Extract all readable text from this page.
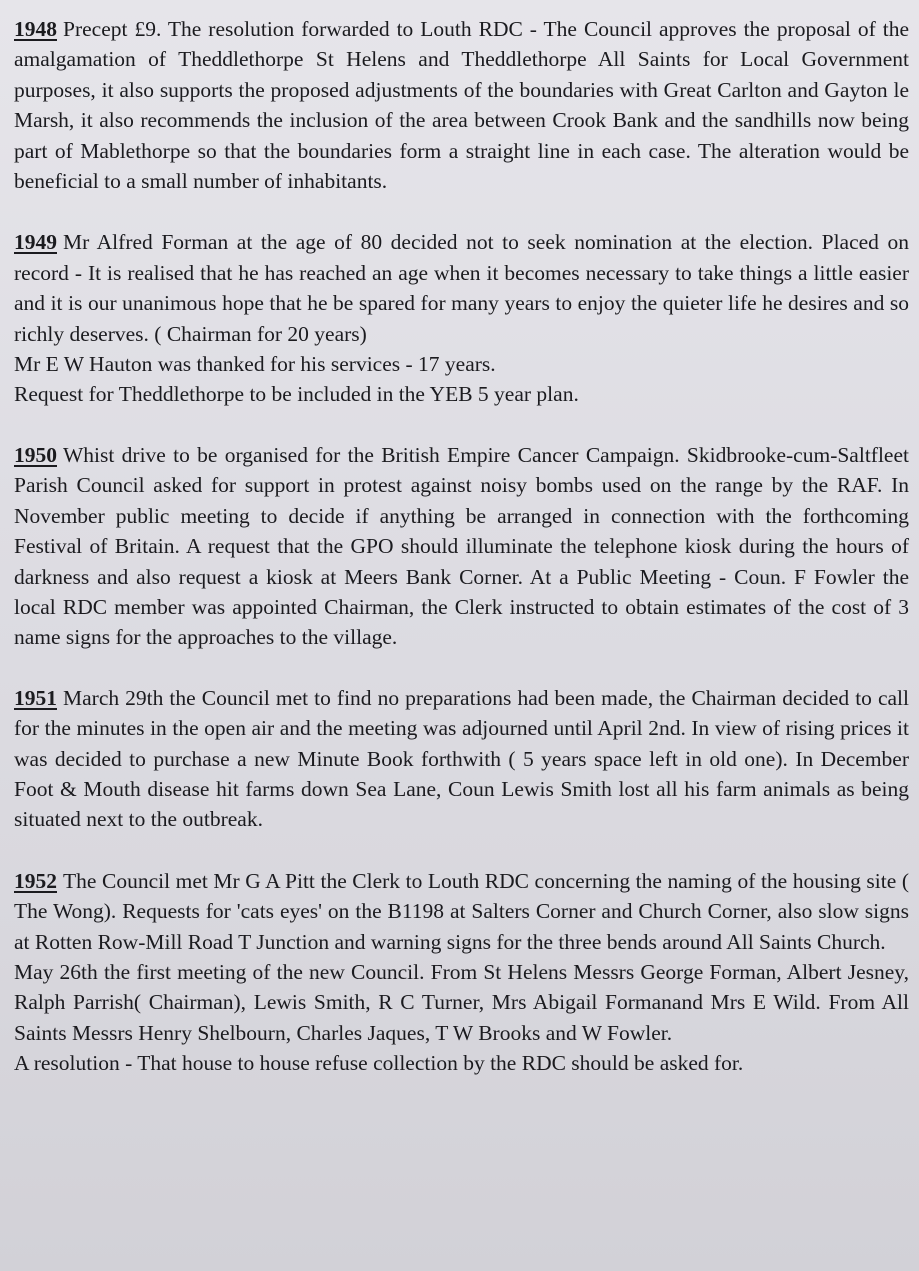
1948 Precept £9. The resolution forwarded to Louth RDC - The Council approves the proposal of the amalgamation of Theddlethorpe St Helens and Theddlethorpe All Saints for Local Government purposes, it also supports the proposed adjustments of the boundaries with Great Carlton and Gayton le Marsh, it also recommends the inclusion of the area between Crook Bank and the sandhills now being part of Mablethorpe so that the boundaries form a straight line in each case. The alteration would be beneficial to a small number of inhabitants.

1949 Mr Alfred Forman at the age of 80 decided not to seek nomination at the election. Placed on record - It is realised that he has reached an age when it becomes necessary to take things a little easier and it is our unanimous hope that he be spared for many years to enjoy the quieter life he desires and so richly deserves. ( Chairman for 20 years)

Mr E W Hauton was thanked for his services - 17 years.

Request for Theddlethorpe to be included in the YEB 5 year plan.

1950 Whist drive to be organised for the British Empire Cancer Campaign. Skidbrooke-cum-Saltfleet Parish Council asked for support in protest against noisy bombs used on the range by the RAF. In November public meeting to decide if anything be arranged in connection with the forthcoming Festival of Britain. A request that the GPO should illuminate the telephone kiosk during the hours of darkness and also request a kiosk at Meers Bank Corner. At a Public Meeting - Coun. F Fowler the local RDC member was appointed Chairman, the Clerk instructed to obtain estimates of the cost of 3 name signs for the approaches to the village.

1951 March 29th the Council met to find no preparations had been made, the Chairman decided to call for the minutes in the open air and the meeting was adjourned until April 2nd. In view of rising prices it was decided to purchase a new Minute Book forthwith ( 5 years space left in old one). In December Foot & Mouth disease hit farms down Sea Lane, Coun Lewis Smith lost all his farm animals as being situated next to the outbreak.

1952 The Council met Mr G A Pitt the Clerk to Louth RDC concerning the naming of the housing site ( The Wong). Requests for 'cats eyes' on the B1198 at Salters Corner and Church Corner, also slow signs at Rotten Row-Mill Road T Junction and warning signs for the three bends around All Saints Church.

May 26th the first meeting of the new Council. From St Helens Messrs George Forman, Albert Jesney, Ralph Parrish( Chairman), Lewis Smith, R C Turner, Mrs Abigail Formanand Mrs E Wild. From All Saints Messrs Henry Shelbourn, Charles Jaques, T W Brooks and W Fowler.

A resolution - That house to house refuse collection by the RDC should be asked for.
